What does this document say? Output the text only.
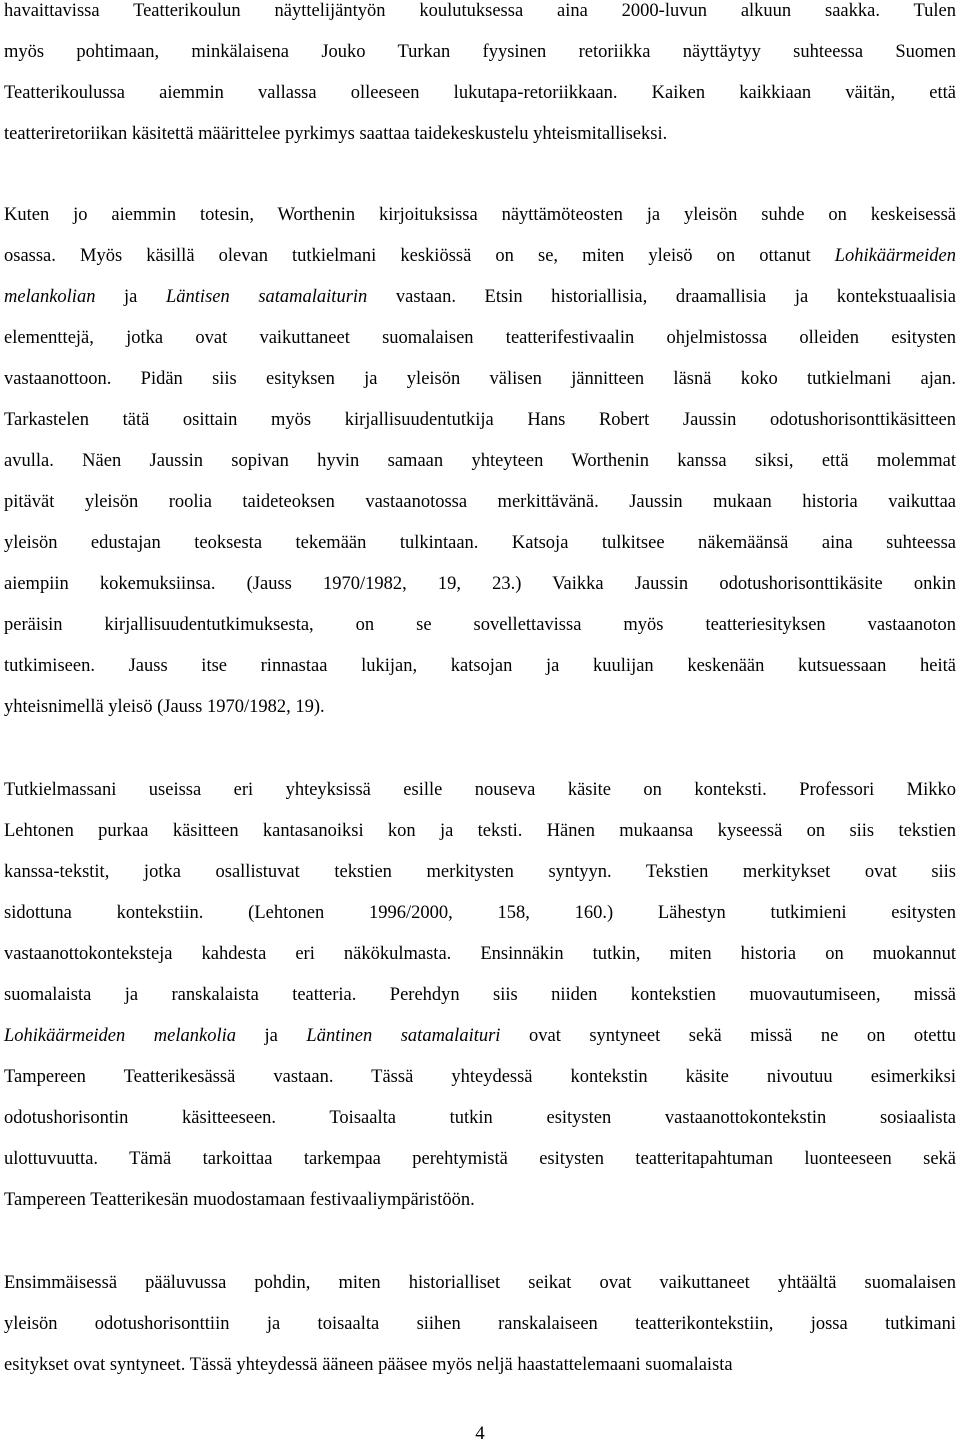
havaittavissa Teatterikoulun näyttelijäntyön koulutuksessa aina 2000-luvun alkuun saakka. Tulen
myös pohtimaan, minkälaisena Jouko Turkan fyysinen retoriikka näyttäytyy suhteessa Suomen
Teatterikoulussa aiemmin vallassa olleeseen lukutapa-retoriikkaan. Kaiken kaikkiaan väitän, että
teatteriretoriikan käsitettä määrittelee pyrkimys saattaa taidekeskustelu yhteismitalliseksi.
Kuten jo aiemmin totesin, Worthenin kirjoituksissa näyttämöteosten ja yleisön suhde on keskeisessä
osassa. Myös käsillä olevan tutkielmani keskiössä on se, miten yleisö on ottanut Lohikäärmeiden
melankolian ja Läntisen satamalaiturin vastaan. Etsin historiallisia, draamallisia ja kontekstuaalisia
elementtejä, jotka ovat vaikuttaneet suomalaisen teatterifestivaalin ohjelmistossa olleiden esitysten
vastaanottoon. Pidän siis esityksen ja yleisön välisen jännitteen läsnä koko tutkielmani ajan.
Tarkastelen tätä osittain myös kirjallisuudentutkija Hans Robert Jaussin odotushorisonttikäsitteen
avulla. Näen Jaussin sopivan hyvin samaan yhteyteen Worthenin kanssa siksi, että molemmat
pitävät yleisön roolia taideteoksen vastaanotossa merkittävänä. Jaussin mukaan historia vaikuttaa
yleisön edustajan teoksesta tekemään tulkintaan. Katsoja tulkitsee näkemäänsä aina suhteessa
aiempiin kokemuksiinsa. (Jauss 1970/1982, 19, 23.) Vaikka Jaussin odotushorisonttikäsite onkin
peräisin kirjallisuudentutkimuksesta, on se sovellettavissa myös teatteriesityksen vastaanoton
tutkimiseen. Jauss itse rinnastaa lukijan, katsojan ja kuulijan keskenään kutsuessaan heitä
yhteisnimellä yleisö (Jauss 1970/1982, 19).
Tutkielmassani useissa eri yhteyksissä esille nouseva käsite on konteksti. Professori Mikko
Lehtonen purkaa käsitteen kantasanoiksi kon ja teksti. Hänen mukaansa kyseessä on siis tekstien
kanssa-tekstit, jotka osallistuvat tekstien merkitysten syntyyn. Tekstien merkitykset ovat siis
sidottuna kontekstiin. (Lehtonen 1996/2000, 158, 160.) Lähestyn tutkimieni esitysten
vastaanottokonteksteja kahdesta eri näkökulmasta. Ensinnäkin tutkin, miten historia on muokannut
suomalaista ja ranskalaista teatteria. Perehdyn siis niiden kontekstien muovautumiseen, missä
Lohikäärmeiden melankolia ja Läntinen satamalaituri ovat syntyneet sekä missä ne on otettu
Tampereen Teatterikesässä vastaan. Tässä yhteydessä kontekstin käsite nivoutuu esimerkiksi
odotushorisontin käsitteeseen. Toisaalta tutkin esitysten vastaanottokontekstin sosiaalista
ulottuvuutta. Tämä tarkoittaa tarkempaa perehtymistä esitysten teatteritapahtuman luonteeseen sekä
Tampereen Teatterikesän muodostamaan festivaaliympäristöön.
Ensimmäisessä pääluvussa pohdin, miten historialliset seikat ovat vaikuttaneet yhtäältä suomalaisen
yleisön odotushorisonttiin ja toisaalta siihen ranskalaiseen teatterikontekstiin, jossa tutkimani
esitykset ovat syntyneet. Tässä yhteydessä ääneen pääsee myös neljä haastattelemaani suomalaista
4
